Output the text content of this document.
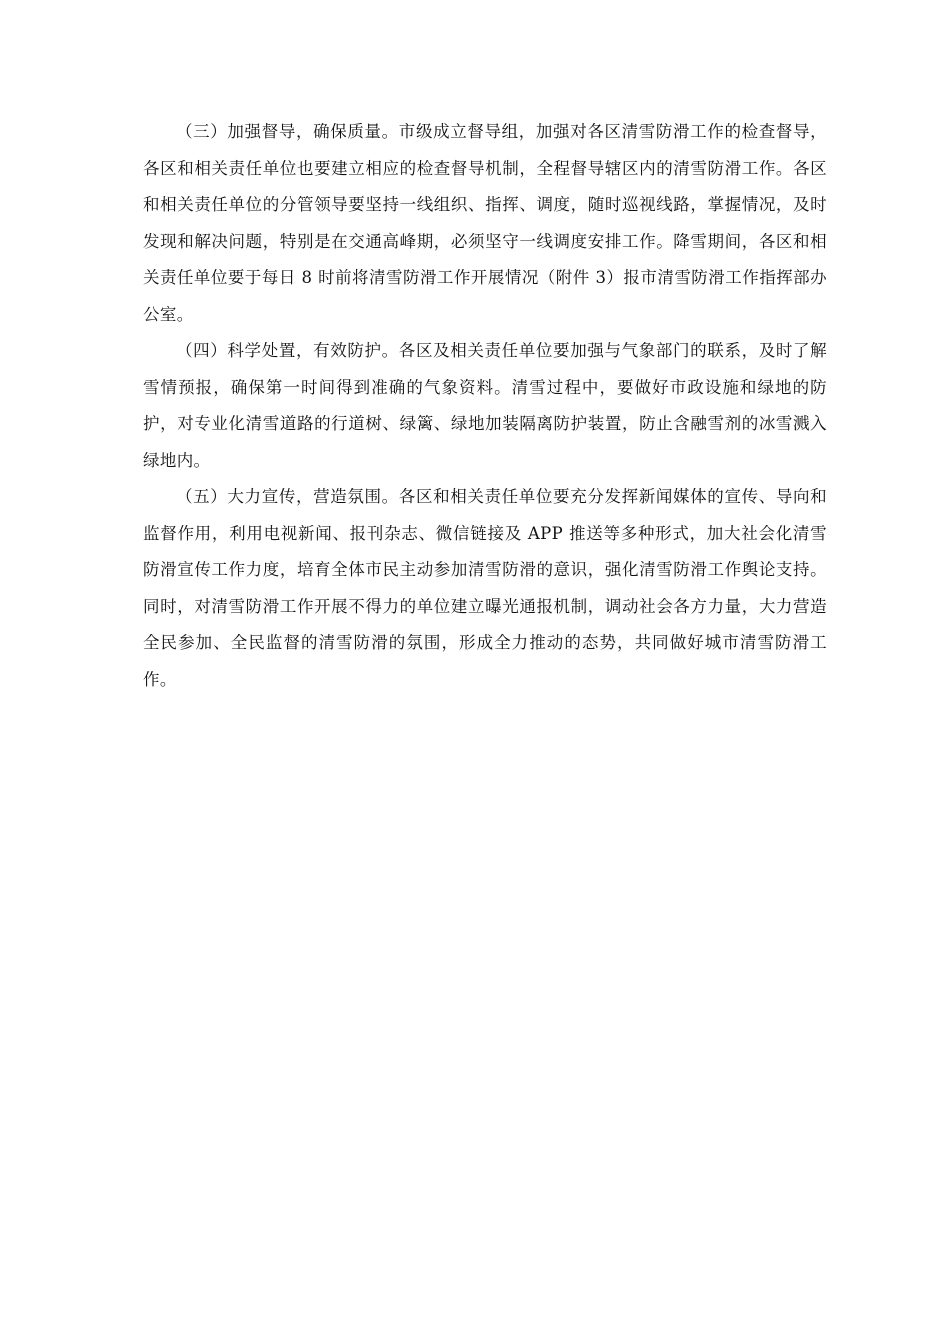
（三）加强督导，确保质量。市级成立督导组，加强对各区清雪防滑工作的检查督导，各区和相关责任单位也要建立相应的检查督导机制，全程督导辖区内的清雪防滑工作。各区和相关责任单位的分管领导要坚持一线组织、指挥、调度，随时巡视线路，掌握情况，及时发现和解决问题，特别是在交通高峰期，必须坚守一线调度安排工作。降雪期间，各区和相关责任单位要于每日 8 时前将清雪防滑工作开展情况（附件 3）报市清雪防滑工作指挥部办公室。

（四）科学处置，有效防护。各区及相关责任单位要加强与气象部门的联系，及时了解雪情预报，确保第一时间得到准确的气象资料。清雪过程中，要做好市政设施和绿地的防护，对专业化清雪道路的行道树、绿篱、绿地加装隔离防护装置，防止含融雪剂的冰雪溅入绿地内。

（五）大力宣传，营造氛围。各区和相关责任单位要充分发挥新闻媒体的宣传、导向和监督作用，利用电视新闻、报刊杂志、微信链接及 APP 推送等多种形式，加大社会化清雪防滑宣传工作力度，培育全体市民主动参加清雪防滑的意识，强化清雪防滑工作舆论支持。同时，对清雪防滑工作开展不得力的单位建立曝光通报机制，调动社会各方力量，大力营造全民参加、全民监督的清雪防滑的氛围，形成全力推动的态势，共同做好城市清雪防滑工作。
